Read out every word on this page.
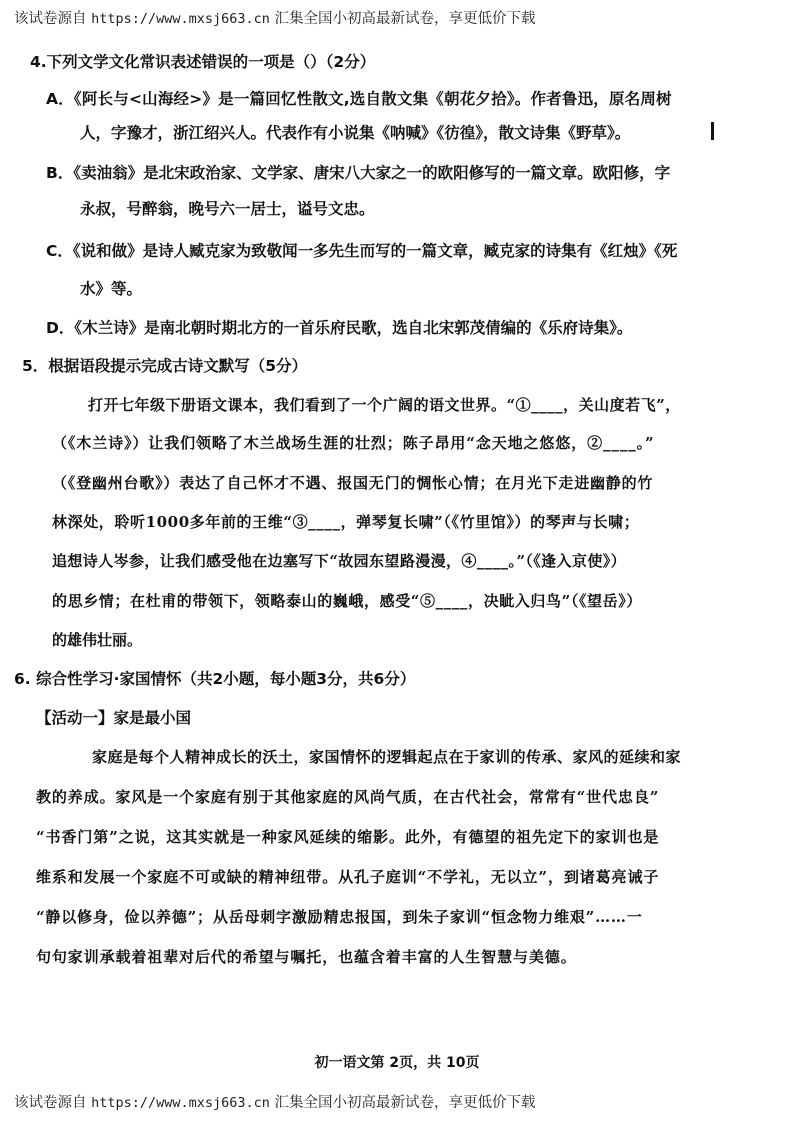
该试卷源自 https://www.mxsj663.cn 汇集全国小初高最新试卷，享更低价下载
4.下列文学文化常识表述错误的一项是（）（2分）
A．《阿长与<山海经>》是一篇回忆性散文,选自散文集《朝花夕拾》。作者鲁迅，原名周树
人，字豫才，浙江绍兴人。代表作有小说集《呐喊》《彷徨》，散文诗集《野草》。
B．《卖油翁》是北宋政治家、文学家、唐宋八大家之一的欧阳修写的一篇文章。欧阳修，字
永叔，号醉翁，晚号六一居士，谥号文忠。
C．《说和做》是诗人臧克家为致敬闻一多先生而写的一篇文章，臧克家的诗集有《红烛》《死
水》等。
D．《木兰诗》是南北朝时期北方的一首乐府民歌，选自北宋郭茂倩编的《乐府诗集》。
5．根据语段提示完成古诗文默写（5分）
打开七年级下册语文课本，我们看到了一个广阔的语文世界。“①____，关山度若飞”，
（《木兰诗》）让我们领略了木兰战场生涯的壮烈；陈子昂用“念天地之悠悠，②____。”
（《登幽州台歌》）表达了自己怀才不遇、报国无门的惆怅心情；在月光下走进幽静的竹
林深处，聆听1000多年前的王维“③____，弹琴复长啸”（《竹里馆》）的琴声与长啸；
追想诗人岑参，让我们感受他在边塞写下“故园东望路漫漫，④____。”（《逢入京使》）
的思乡情；在杜甫的带领下，领略泰山的巍峨，感受“⑤____，决眦入归鸟”（《望岳》）
的雄伟壮丽。
6. 综合性学习·家国情怀（共2小题，每小题3分，共6分）
【活动一】家是最小国
家庭是每个人精神成长的沃土，家国情怀的逻辑起点在于家训的传承、家风的延续和家
教的养成。家风是一个家庭有别于其他家庭的风尚气质，在古代社会，常常有“世代忠良”
“书香门第”之说，这其实就是一种家风延续的缩影。此外，有德望的祖先定下的家训也是
维系和发展一个家庭不可或缺的精神纽带。从孔子庭训“不学礼，无以立”，到诸葛亮诫子
“静以修身，俭以养德”；从岳母刺字激励精忠报国，到朱子家训“恒念物力维艰”……一
句句家训承载着祖辈对后代的希望与嘱托，也蕴含着丰富的人生智慧与美德。
初一语文第 2页，共 10页
该试卷源自 https://www.mxsj663.cn 汇集全国小初高最新试卷，享更低价下载
